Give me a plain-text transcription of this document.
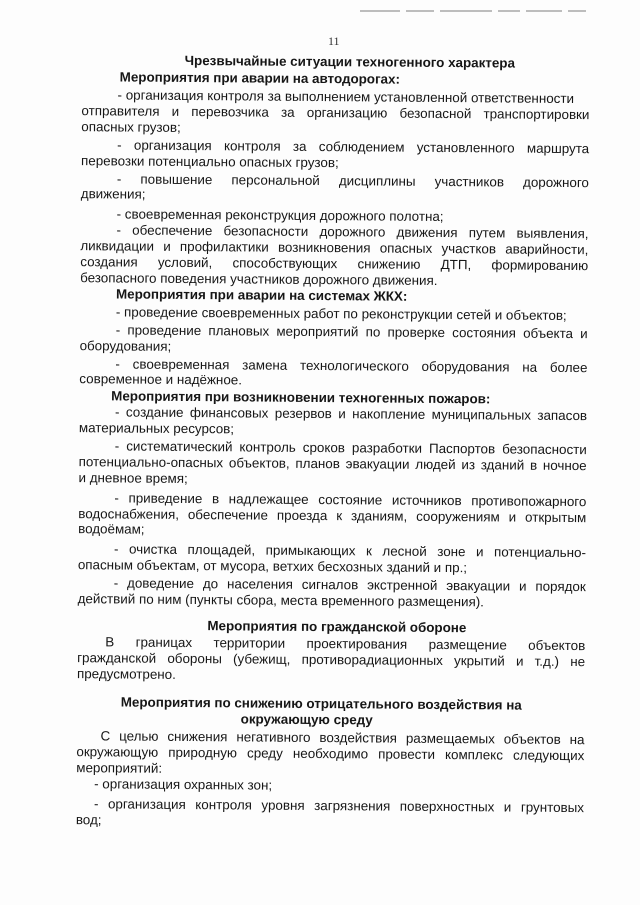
11
Чрезвычайные ситуации техногенного характера
Мероприятия при аварии на автодорогах:
- организация контроля за выполнением установленной ответственности
отправителя и перевозчика за организацию безопасной транспортировки
опасных грузов;
- организация контроля за соблюдением установленного маршрута
перевозки потенциально опасных грузов;
- повышение персональной дисциплины участников дорожного
движения;
- своевременная реконструкция дорожного полотна;
- обеспечение безопасности дорожного движения путем выявления,
ликвидации и профилактики возникновения опасных участков аварийности,
создания условий, способствующих снижению ДТП, формированию
безопасного поведения участников дорожного движения.
Мероприятия при аварии на системах ЖКХ:
- проведение своевременных работ по реконструкции сетей и объектов;
- проведение плановых мероприятий по проверке состояния объекта и
оборудования;
- своевременная замена технологического оборудования на более
современное и надёжное.
Мероприятия при возникновении техногенных пожаров:
- создание финансовых резервов и накопление муниципальных запасов
материальных ресурсов;
- систематический контроль сроков разработки Паспортов безопасности
потенциально-опасных объектов, планов эвакуации людей из зданий в ночное
и дневное время;
- приведение в надлежащее состояние источников противопожарного
водоснабжения, обеспечение проезда к зданиям, сооружениям и открытым
водоёмам;
- очистка площадей, примыкающих к лесной зоне и потенциально-
опасным объектам, от мусора, ветхих бесхозных зданий и пр.;
- доведение до населения сигналов экстренной эвакуации и порядок
действий по ним (пункты сбора, места временного размещения).
Мероприятия по гражданской обороне
В границах территории проектирования размещение объектов
гражданской обороны (убежищ, противорадиационных укрытий и т.д.) не
предусмотрено.
Мероприятия по снижению отрицательного воздействия на
окружающую среду
С целью снижения негативного воздействия размещаемых объектов на
окружающую природную среду необходимо провести комплекс следующих
мероприятий:
- организация охранных зон;
- организация контроля уровня загрязнения поверхностных и грунтовых
вод;
